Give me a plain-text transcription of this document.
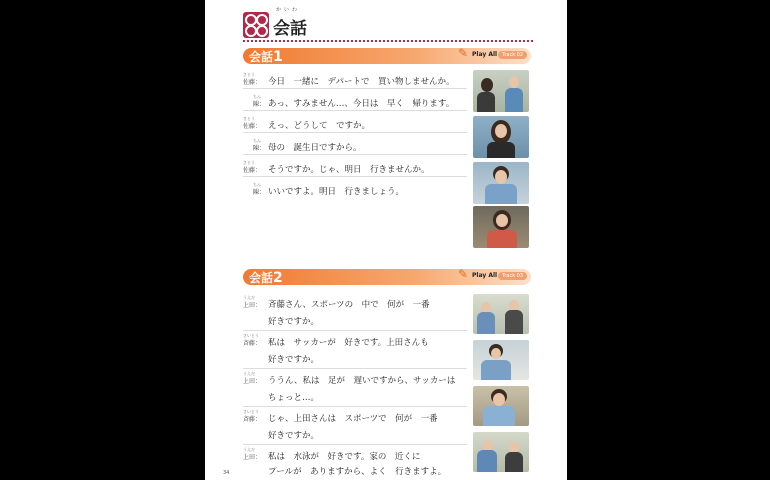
かいわ
会話
会話1	✎ Play All Track 02
さとう
佐藤： 今日　一緒に　デパートで　買い物しませんか。
ちん
陳： あっ、すみません…、今日は　早く　帰ります。
さとう
佐藤： えっ、どうして　ですか。
ちん
陳： 母の　誕生日ですから。
さとう
佐藤： そうですか。じゃ、明日　行きませんか。
ちん
陳： いいですよ。明日　行きましょう。
会話2	✎ Play All Track 03
うえだ
上田： 斉藤さん、スポーツの　中で　何が　一番
好きですか。
さいとう
斉藤： 私は　サッカーが　好きです。上田さんも
好きですか。
うえだ
上田： ううん、私は　足が　遅いですから、サッカーは
ちょっと…。
さいとう
斉藤： じゃ、上田さんは　スポーツで　何が　一番
好きですか。
うえだ
上田： 私は　水泳が　好きです。家の　近くに
プールが　ありますから、よく　行きますよ。
34
